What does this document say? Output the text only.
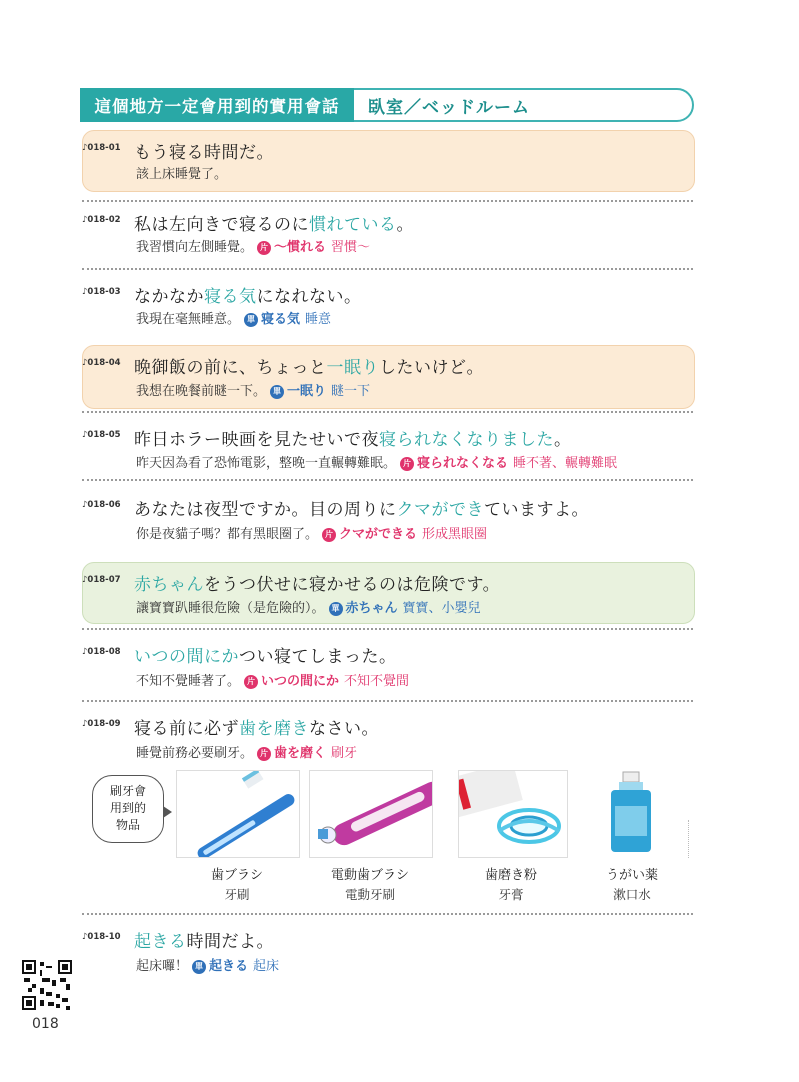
這個地方一定會用到的實用會話	臥室／ベッドルーム
♪018-01 もう寝る時間だ。
該上床睡覺了。
♪018-02 私は左向きで寝るのに慣れている。
我習慣向左側睡覺。 片 ～慣れる 習慣～
♪018-03 なかなか寝る気になれない。
我現在毫無睡意。 單 寝る気 睡意
♪018-04 晩御飯の前に、ちょっと一眠りしたいけど。
我想在晚餐前瞇一下。 單 一眠り 瞇一下
♪018-05 昨日ホラー映画を見たせいで夜寝られなくなりました。
昨天因為看了恐怖電影，整晚一直輾轉難眠。 片 寝られなくなる 睡不著、輾轉難眠
♪018-06 あなたは夜型ですか。目の周りにクマができていますよ。
你是夜貓子嗎？都有黑眼圈了。 片 クマができる 形成黑眼圈
♪018-07 赤ちゃんをうつ伏せに寝かせるのは危険です。
讓寶寶趴睡很危險（是危險的）。 單 赤ちゃん 寶寶、小嬰兒
♪018-08 いつの間にかつい寝てしまった。
不知不覺睡著了。 片 いつの間にか 不知不覺間
♪018-09 寝る前に必ず歯を磨きなさい。
睡覺前務必要刷牙。 片 歯を磨く 刷牙
♪018-10 起きる時間だよ。
起床囉！ 單 起きる 起床
刷牙會
用到的
物品
歯ブラシ
牙刷
電動歯ブラシ
電動牙刷
歯磨き粉
牙膏
うがい薬
漱口水
018
